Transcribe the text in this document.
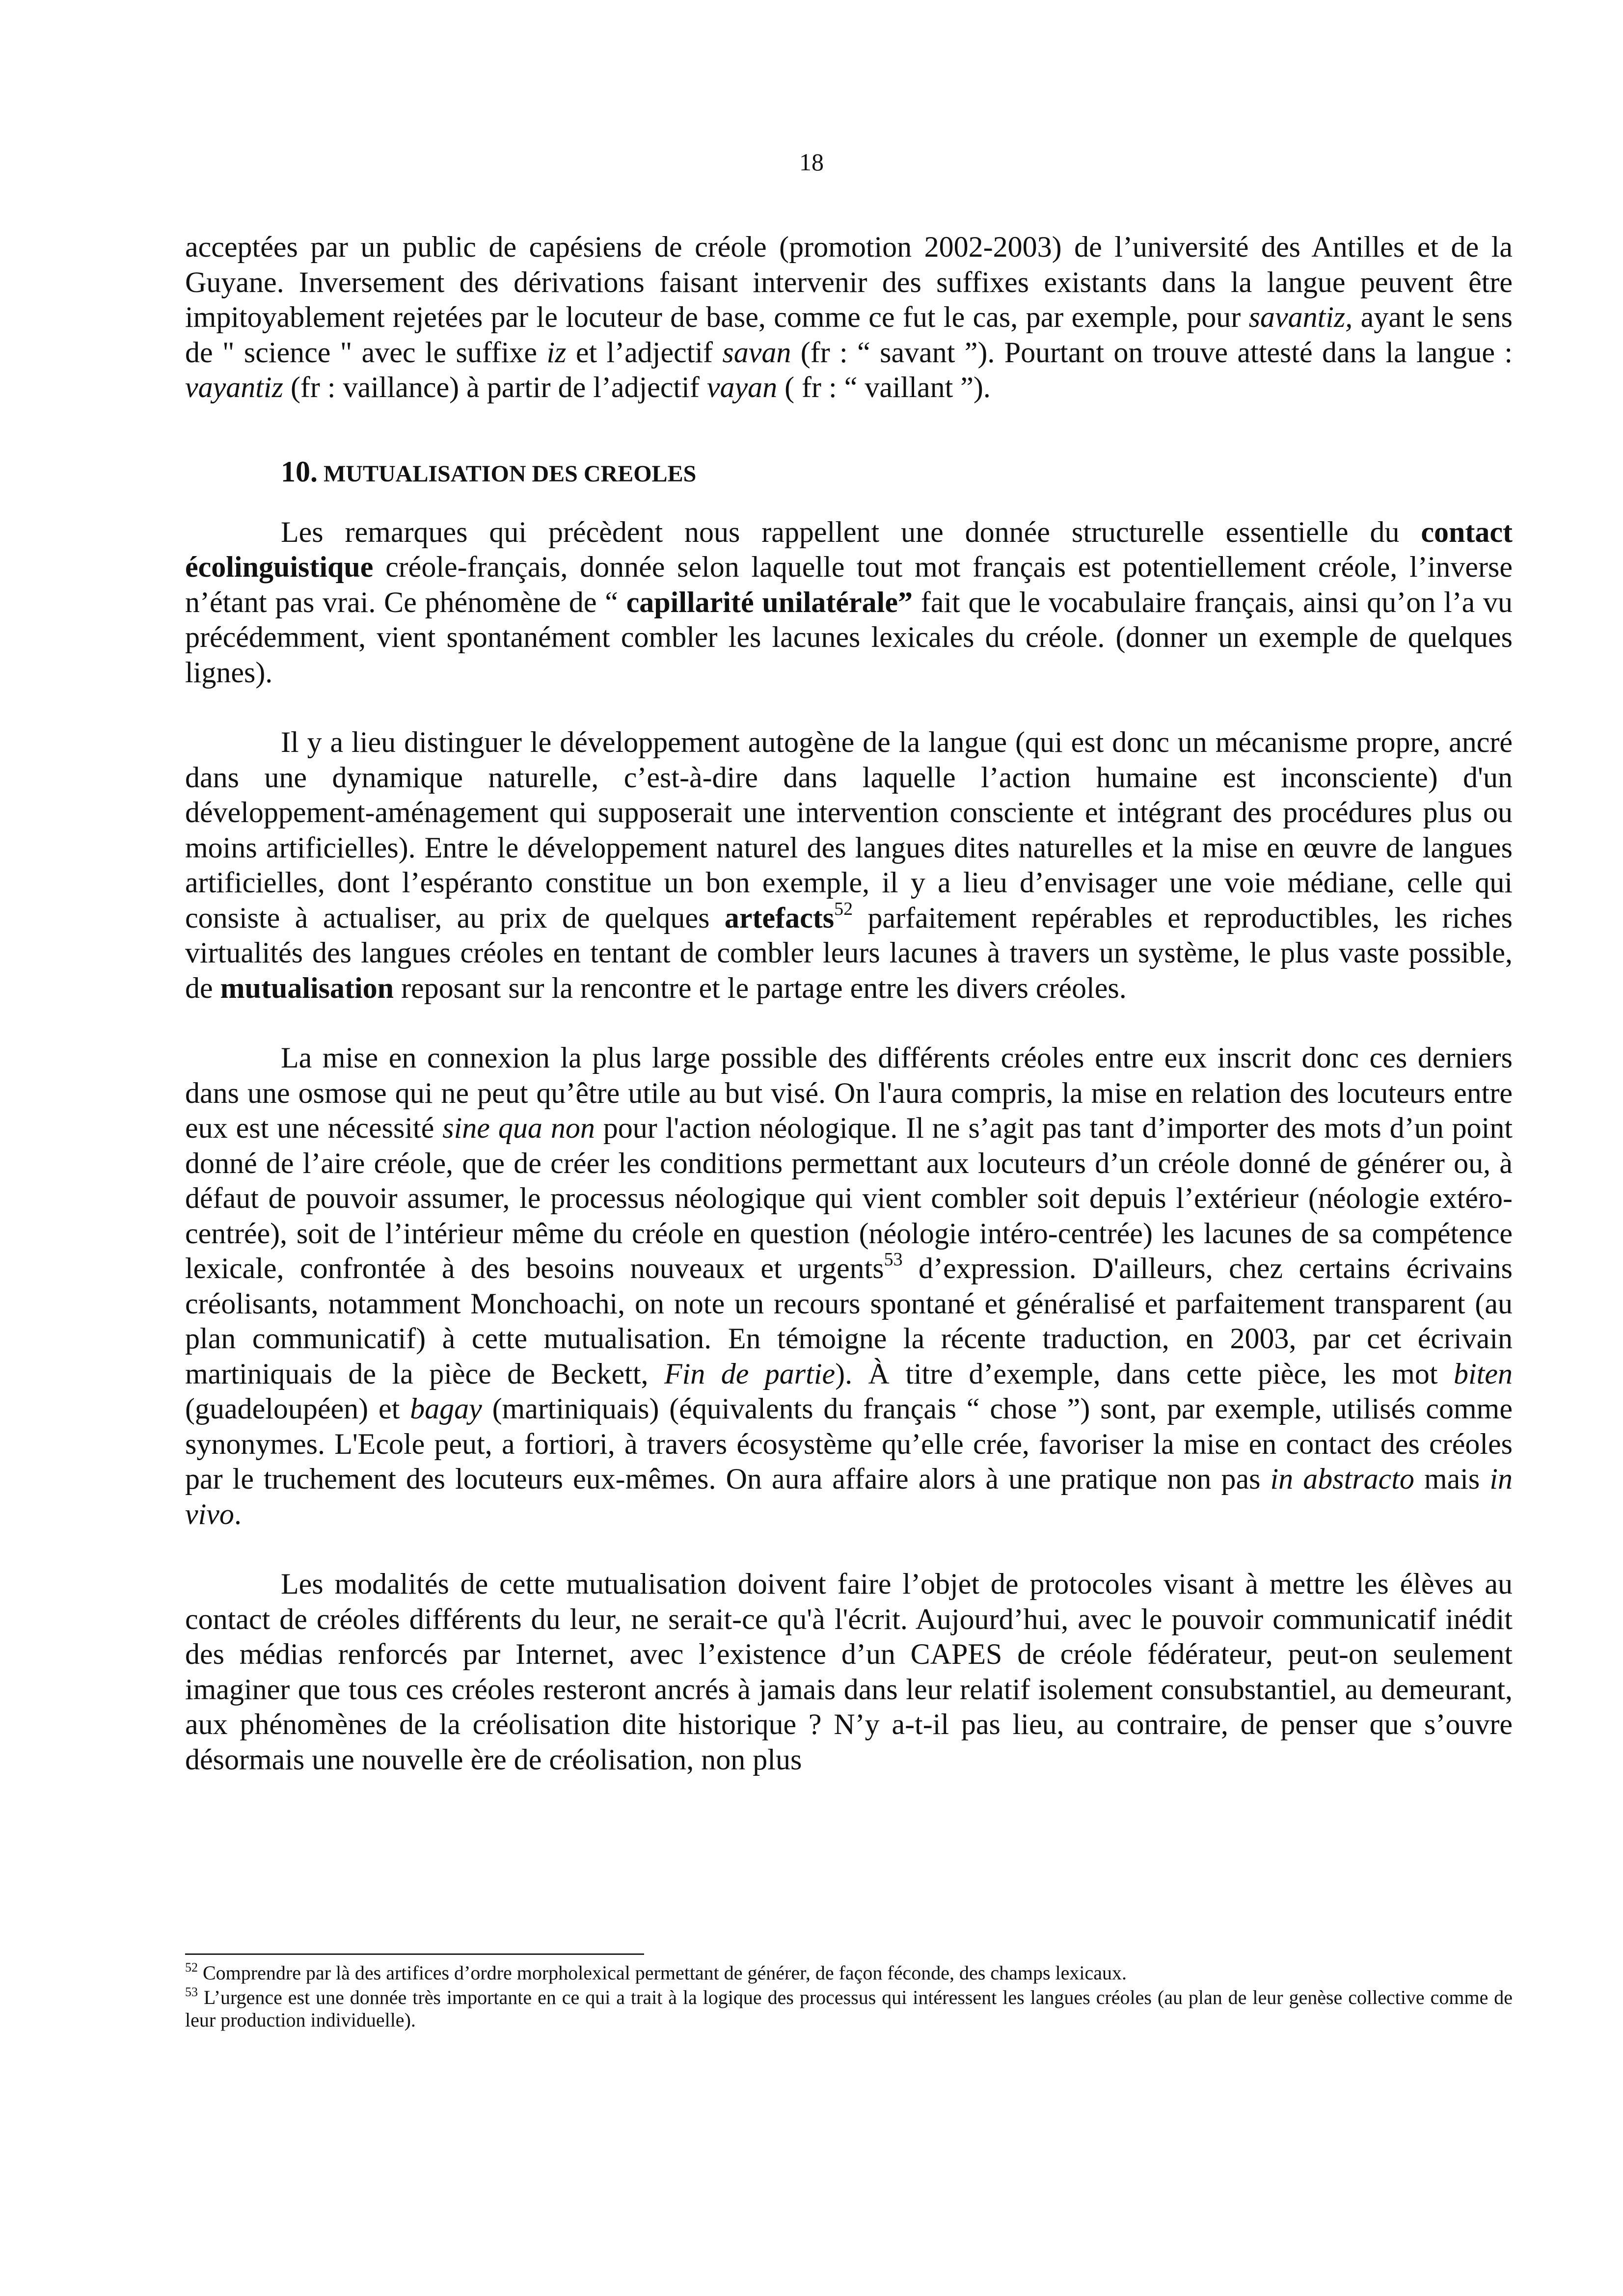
18

acceptées par un public de capésiens de créole (promotion 2002-2003) de l’université des Antilles et de la Guyane. Inversement des dérivations faisant intervenir des suffixes existants dans la langue peuvent être impitoyablement rejetées par le locuteur de base, comme ce fut le cas, par exemple, pour savantiz, ayant le sens de " science " avec le suffixe iz et l’adjectif savan (fr : “ savant ”). Pourtant on trouve attesté dans la langue : vayantiz (fr : vaillance) à partir de l’adjectif vayan ( fr : “ vaillant ”).

10. MUTUALISATION DES CREOLES

Les remarques qui précèdent nous rappellent une donnée structurelle essentielle du contact écolinguistique créole-français, donnée selon laquelle tout mot français est potentiellement créole, l’inverse n’étant pas vrai. Ce phénomène de “ capillarité unilatérale” fait que le vocabulaire français, ainsi qu’on l’a vu précédemment, vient spontanément combler les lacunes lexicales du créole. (donner un exemple de quelques lignes).

Il y a lieu distinguer le développement autogène de la langue (qui est donc un mécanisme propre, ancré dans une dynamique naturelle, c’est-à-dire dans laquelle l’action humaine est inconsciente) d'un développement-aménagement qui supposerait une intervention consciente et intégrant des procédures plus ou moins artificielles). Entre le développement naturel des langues dites naturelles et la mise en œuvre de langues artificielles, dont l’espéranto constitue un bon exemple, il y a lieu d’envisager une voie médiane, celle qui consiste à actualiser, au prix de quelques artefacts$^{52}$ parfaitement repérables et reproductibles, les riches virtualités des langues créoles en tentant de combler leurs lacunes à travers un système, le plus vaste possible, de mutualisation reposant sur la rencontre et le partage entre les divers créoles.

La mise en connexion la plus large possible des différents créoles entre eux inscrit donc ces derniers dans une osmose qui ne peut qu’être utile au but visé. On l'aura compris, la mise en relation des locuteurs entre eux est une nécessité sine qua non pour l'action néologique. Il ne s’agit pas tant d’importer des mots d’un point donné de l’aire créole, que de créer les conditions permettant aux locuteurs d’un créole donné de générer ou, à défaut de pouvoir assumer, le processus néologique qui vient combler soit depuis l’extérieur (néologie extéro-centrée), soit de l’intérieur même du créole en question (néologie intéro-centrée) les lacunes de sa compétence lexicale, confrontée à des besoins nouveaux et urgents$^{53}$ d’expression. D'ailleurs, chez certains écrivains créolisants, notamment Monchoachi, on note un recours spontané et généralisé et parfaitement transparent (au plan communicatif) à cette mutualisation. En témoigne la récente traduction, en 2003, par cet écrivain martiniquais de la pièce de Beckett, Fin de partie). À titre d’exemple, dans cette pièce, les mot biten (guadeloupéen) et bagay (martiniquais) (équivalents du français “ chose ”) sont, par exemple, utilisés comme synonymes. L'Ecole peut, a fortiori, à travers écosystème qu’elle crée, favoriser la mise en contact des créoles par le truchement des locuteurs eux-mêmes. On aura affaire alors à une pratique non pas in abstracto mais in vivo.

Les modalités de cette mutualisation doivent faire l’objet de protocoles visant à mettre les élèves au contact de créoles différents du leur, ne serait-ce qu'à l'écrit. Aujourd’hui, avec le pouvoir communicatif inédit des médias renforcés par Internet, avec l’existence d’un CAPES de créole fédérateur, peut-on seulement imaginer que tous ces créoles resteront ancrés à jamais dans leur relatif isolement consubstantiel, au demeurant, aux phénomènes de la créolisation dite historique ? N’y a-t-il pas lieu, au contraire, de penser que s’ouvre désormais une nouvelle ère de créolisation, non plus

$^{52}$ Comprendre par là des artifices d’ordre morpholexical permettant de générer, de façon féconde, des champs lexicaux.

$^{53}$ L’urgence est une donnée très importante en ce qui a trait à la logique des processus qui intéressent les langues créoles (au plan de leur genèse collective comme de leur production individuelle).
